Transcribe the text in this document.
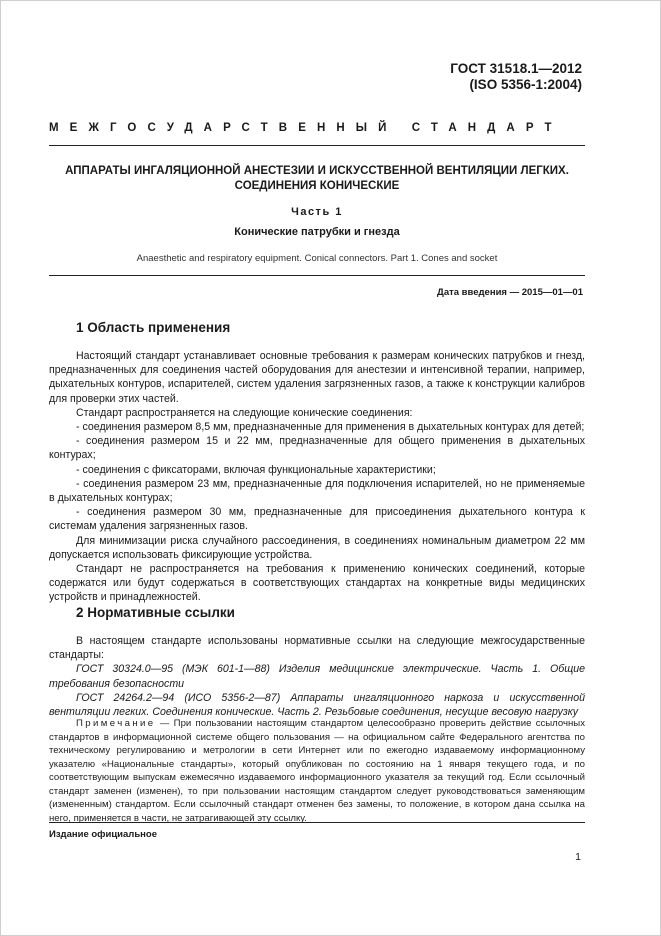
ГОСТ 31518.1—2012
(ISO 5356-1:2004)
МЕЖГОСУДАРСТВЕННЫЙ СТАНДАРТ
АППАРАТЫ ИНГАЛЯЦИОННОЙ АНЕСТЕЗИИ И ИСКУССТВЕННОЙ ВЕНТИЛЯЦИИ ЛЕГКИХ.
СОЕДИНЕНИЯ КОНИЧЕСКИЕ
Часть 1
Конические патрубки и гнезда
Anaesthetic and respiratory equipment. Conical connectors. Part 1. Cones and socket
Дата введения — 2015—01—01
1 Область применения

Настоящий стандарт устанавливает основные требования к размерам конических патрубков и гнезд, предназначенных для соединения частей оборудования для анестезии и интенсивной терапии, например, дыхательных контуров, испарителей, систем удаления загрязненных газов, а также к конструкции калибров для проверки этих частей.

Стандарт распространяется на следующие конические соединения:

- соединения размером 8,5 мм, предназначенные для применения в дыхательных контурах для детей;

- соединения размером 15 и 22 мм, предназначенные для общего применения в дыхательных контурах;

- соединения с фиксаторами, включая функциональные характеристики;

- соединения размером 23 мм, предназначенные для подключения испарителей, но не применяемые в дыхательных контурах;

- соединения размером 30 мм, предназначенные для присоединения дыхательного контура к системам удаления загрязненных газов.

Для минимизации риска случайного рассоединения, в соединениях номинальным диаметром 22 мм допускается использовать фиксирующие устройства.

Стандарт не распространяется на требования к применению конических соединений, которые содержатся или будут содержаться в соответствующих стандартах на конкретные виды медицинских устройств и принадлежностей.

2 Нормативные ссылки

В настоящем стандарте использованы нормативные ссылки на следующие межгосударственные стандарты:

ГОСТ 30324.0—95 (МЭК 601-1—88) Изделия медицинские электрические. Часть 1. Общие требования безопасности

ГОСТ 24264.2—94 (ИСО 5356-2—87) Аппараты ингаляционного наркоза и искусственной вентиляции легких. Соединения конические. Часть 2. Резьбовые соединения, несущие весовую нагрузку

Примечание — При пользовании настоящим стандартом целесообразно проверить действие ссылочных стандартов в информационной системе общего пользования — на официальном сайте Федерального агентства по техническому регулированию и метрологии в сети Интернет или по ежегодно издаваемому информационному указателю «Национальные стандарты», который опубликован по состоянию на 1 января текущего года, и по соответствующим выпускам ежемесячно издаваемого информационного указателя за текущий год. Если ссылочный стандарт заменен (изменен), то при пользовании настоящим стандартом следует руководствоваться заменяющим (измененным) стандартом. Если ссылочный стандарт отменен без замены, то положение, в котором дана ссылка на него, применяется в части, не затрагивающей эту ссылку.

Издание официальное
1
